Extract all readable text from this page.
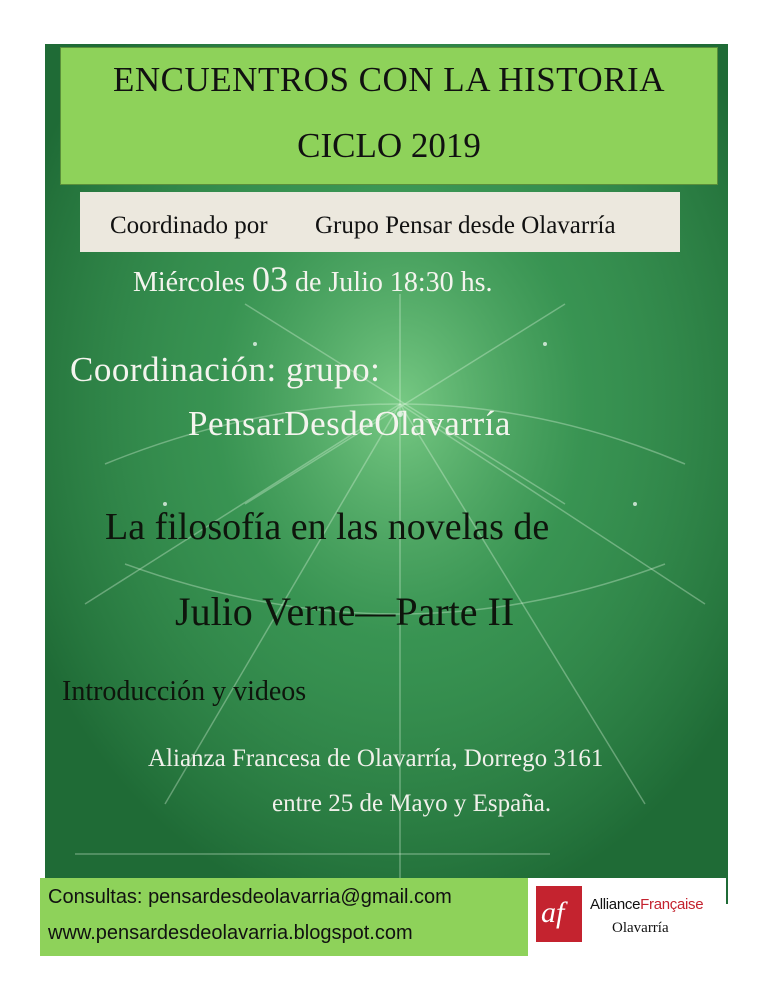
ENCUENTROS CON LA HISTORIA
CICLO 2019
Coordinado por Grupo Pensar desde Olavarría
Miércoles 03 de Julio 18:30 hs.
Coordinación: grupo:
PensarDesdeOlavarría
La filosofía en las novelas de
Julio Verne—Parte II
Introducción y videos
Alianza Francesa de Olavarría, Dorrego 3161
entre 25 de Mayo y España.
Consultas: pensardesdeolavarria@gmail.com
www.pensardesdeolavarria.blogspot.com
af AllianceFrançaise
Olavarría
